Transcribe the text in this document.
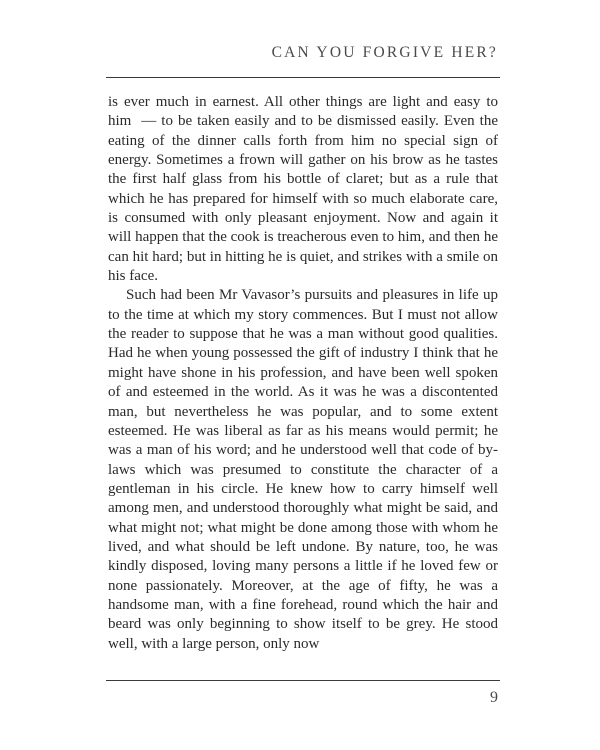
CAN YOU FORGIVE HER?

is ever much in earnest. All other things are light and easy to him  — to be taken easily and to be dismissed easily. Even the eating of the dinner calls forth from him no special sign of energy. Sometimes a frown will gather on his brow as he tastes the first half glass from his bottle of claret; but as a rule that which he has prepared for himself with so much elaborate care, is consumed with only pleasant enjoyment. Now and again it will happen that the cook is treacherous even to him, and then he can hit hard; but in hitting he is quiet, and strikes with a smile on his face.

Such had been Mr Vavasor’s pursuits and pleasures in life up to the time at which my story commences. But I must not allow the reader to suppose that he was a man without good qualities. Had he when young possessed the gift of industry I think that he might have shone in his profession, and have been well spoken of and esteemed in the world. As it was he was a discontented man, but nevertheless he was popular, and to some extent esteemed. He was liberal as far as his means would permit; he was a man of his word; and he understood well that code of by-laws which was presumed to constitute the character of a gentleman in his circle. He knew how to carry himself well among men, and understood thoroughly what might be said, and what might not; what might be done among those with whom he lived, and what should be left undone. By nature, too, he was kindly disposed, loving many persons a little if he loved few or none passionately. Moreover, at the age of fifty, he was a handsome man, with a fine forehead, round which the hair and beard was only beginning to show itself to be grey. He stood well, with a large person, only now

9
